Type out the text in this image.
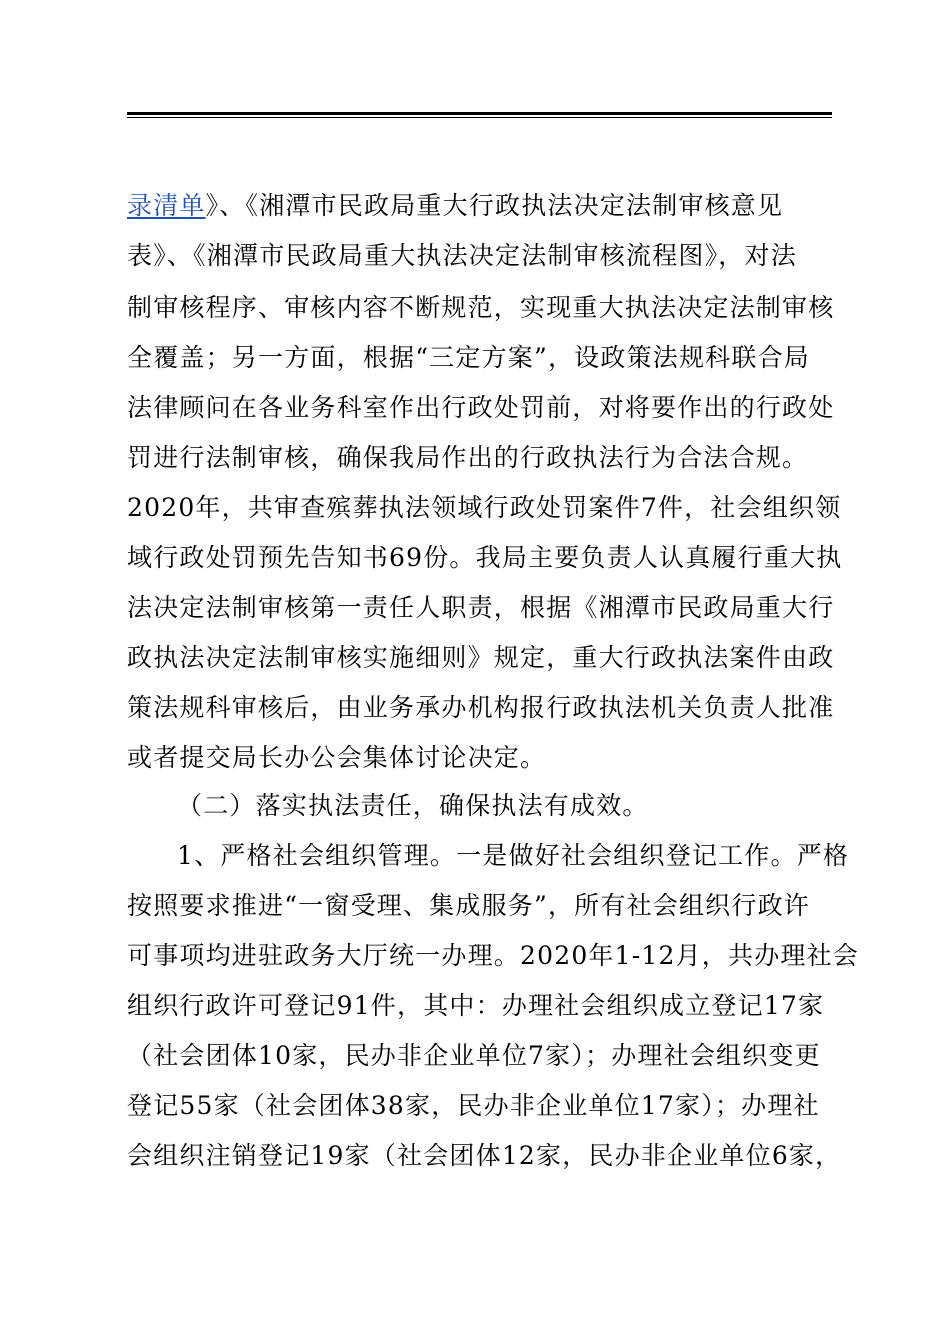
录清单》、《湘潭市民政局重大行政执法决定法制审核意见
表》、《湘潭市民政局重大执法决定法制审核流程图》，对法
制审核程序、审核内容不断规范，实现重大执法决定法制审核
全覆盖；另一方面，根据“三定方案”，设政策法规科联合局
法律顾问在各业务科室作出行政处罚前，对将要作出的行政处
罚进行法制审核，确保我局作出的行政执法行为合法合规。
2020年，共审查殡葬执法领域行政处罚案件7件，社会组织领
域行政处罚预先告知书69份。我局主要负责人认真履行重大执
法决定法制审核第一责任人职责，根据《湘潭市民政局重大行
政执法决定法制审核实施细则》规定，重大行政执法案件由政
策法规科审核后，由业务承办机构报行政执法机关负责人批准
或者提交局长办公会集体讨论决定。
（二）落实执法责任，确保执法有成效。
1、严格社会组织管理。一是做好社会组织登记工作。严格
按照要求推进“一窗受理、集成服务”，所有社会组织行政许
可事项均进驻政务大厅统一办理。2020年1-12月，共办理社会
组织行政许可登记91件，其中：办理社会组织成立登记17家
（社会团体10家，民办非企业单位7家）；办理社会组织变更
登记55家（社会团体38家，民办非企业单位17家）；办理社
会组织注销登记19家（社会团体12家，民办非企业单位6家，
